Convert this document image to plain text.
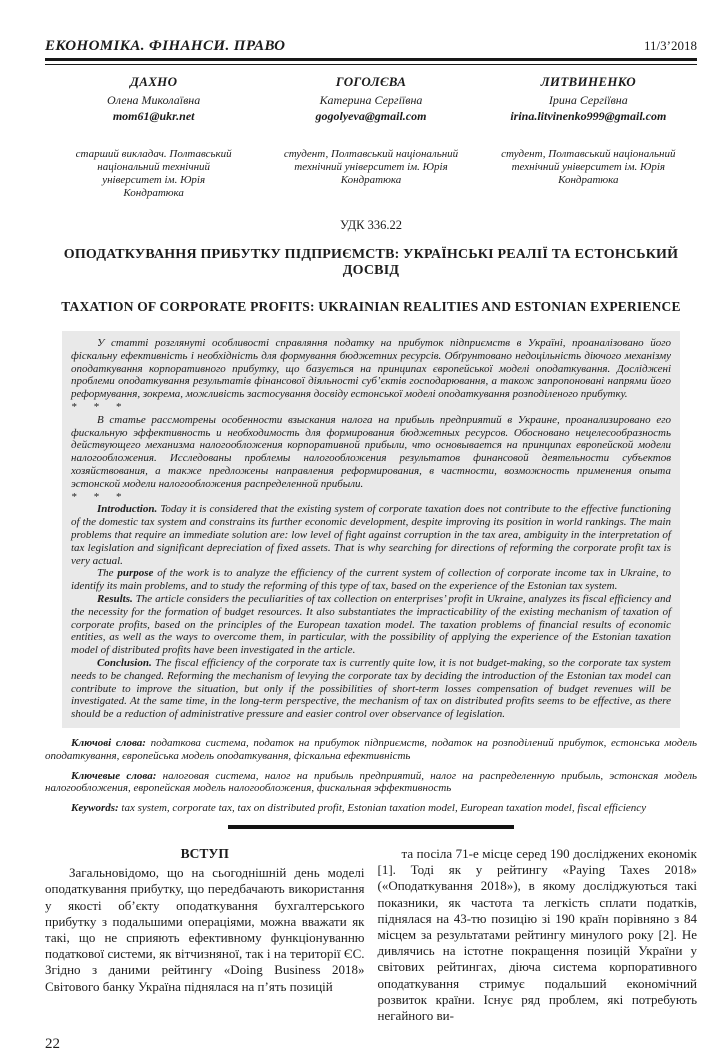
ЕКОНОМІКА. ФІНАНСИ. ПРАВО	11/3’2018
ДАХНО
Олена Миколаївна
mom61@ukr.net
старший викладач. Полтавський національний технічний університет ім. Юрія Кондратюка
ГОГОЛЄВА
Катерина Сергіївна
gogolyeva@gmail.com
студент, Полтавський національний технічний університет ім. Юрія Кондратюка
ЛИТВИНЕНКО
Ірина Сергіївна
irina.litvinenko999@gmail.com
студент, Полтавський національний технічний університет ім. Юрія Кондратюка
УДК 336.22
ОПОДАТКУВАННЯ ПРИБУТКУ ПІДПРИЄМСТВ: УКРАЇНСЬКІ РЕАЛІЇ ТА ЕСТОНСЬКИЙ ДОСВІД
TAXATION OF CORPORATE PROFITS: UKRAINIAN REALITIES AND ESTONIAN EXPERIENCE

У статті розглянуті особливості справляння податку на прибуток підприємств в Україні, проаналізовано його фіскальну ефективність і необхідність для формування бюджетних ресурсів. Обґрунтовано недоцільність діючого механізму оподаткування корпоративного прибутку, що базується на принципах європейської моделі оподаткування. Досліджені проблеми оподаткування результатів фінансової діяльності суб’єктів господарювання, а також запропоновані напрями його реформування, зокрема, можливість застосування досвіду естонської моделі оподаткування розподіленого прибутку.

* * *

В статье рассмотрены особенности взыскания налога на прибыль предприятий в Украине, проанализировано его фискальную эффективность и необходимость для формирования бюджетных ресурсов. Обосновано нецелесообразность действующего механизма налогообложения корпоративной прибыли, что основывается на принципах европейской модели налогообложения. Исследованы проблемы налогообложения результатов финансовой деятельности субъектов хозяйствования, а также предложены направления реформирования, в частности, возможность применения опыта эстонской модели налогообложения распределенной прибыли.

* * *

Introduction. Today it is considered that the existing system of corporate taxation does not contribute to the effective functioning of the domestic tax system and constrains its further economic development, despite improving its position in world rankings. The main problems that require an immediate solution are: low level of fight against corruption in the tax area, ambiguity in the interpretation of tax legislation and significant depreciation of fixed assets. That is why searching for directions of reforming the corporate profit tax is very actual.

The purpose of the work is to analyze the efficiency of the current system of collection of corporate income tax in Ukraine, to identify its main problems, and to study the reforming of this type of tax, based on the experience of the Estonian tax system.

Results. The article considers the peculiarities of tax collection on enterprises’ profit in Ukraine, analyzes its fiscal efficiency and the necessity for the formation of budget resources. It also substantiates the impracticability of the existing mechanism of taxation of corporate profits, based on the principles of the European taxation model. The taxation problems of financial results of economic entities, as well as the ways to overcome them, in particular, with the possibility of applying the experience of the Estonian taxation model of distributed profits have been investigated in the article.

Conclusion. The fiscal efficiency of the corporate tax is currently quite low, it is not budget-making, so the corporate tax system needs to be changed. Reforming the mechanism of levying the corporate tax by deciding the introduction of the Estonian tax model can contribute to improve the situation, but only if the possibilities of short-term losses compensation of budget revenues will be investigated. At the same time, in the long-term perspective, the mechanism of tax on distributed profits seems to be effective, as there should be a reduction of administrative pressure and easier control over observance of legislation.

Ключові слова: податкова система, податок на прибуток підприємств, податок на розподілений прибуток, естонська модель оподаткування, європейська модель оподаткування, фіскальна ефективність

Ключевые слова: налоговая система, налог на прибыль предприятий, налог на распределенную прибыль, эстонская модель налогообложения, европейская модель налогообложения, фискальная эффективность

Keywords: tax system, corporate tax, tax on distributed profit, Estonian taxation model, European taxation model, fiscal efficiency

ВСТУП

Загальновідомо, що на сьогоднішній день моделі оподаткування прибутку, що передбачають використання у якості об’єкту оподаткування бухгалтерського прибутку з подальшими операціями, можна вважати як такі, що не сприяють ефективному функціонуванню податкової системи, як вітчизняної, так і на території ЄС. Згідно з даними рейтингу «Doing Business 2018» Світового банку Україна піднялася на п’ять позицій

та посіла 71-е місце серед 190 досліджених економік [1]. Тоді як у рейтингу «Paying Taxes 2018» («Оподаткування 2018»), в якому досліджуються такі показники, як частота та легкість сплати податків, піднялася на 43-тю позицію зі 190 країн порівняно з 84 місцем за результатами рейтингу минулого року [2]. Не дивлячись на істотне покращення позицій України у світових рейтингах, діюча система корпоративного оподаткування стримує подальший економічний розвиток країни. Існує ряд проблем, які потребують негайного ви-

22
